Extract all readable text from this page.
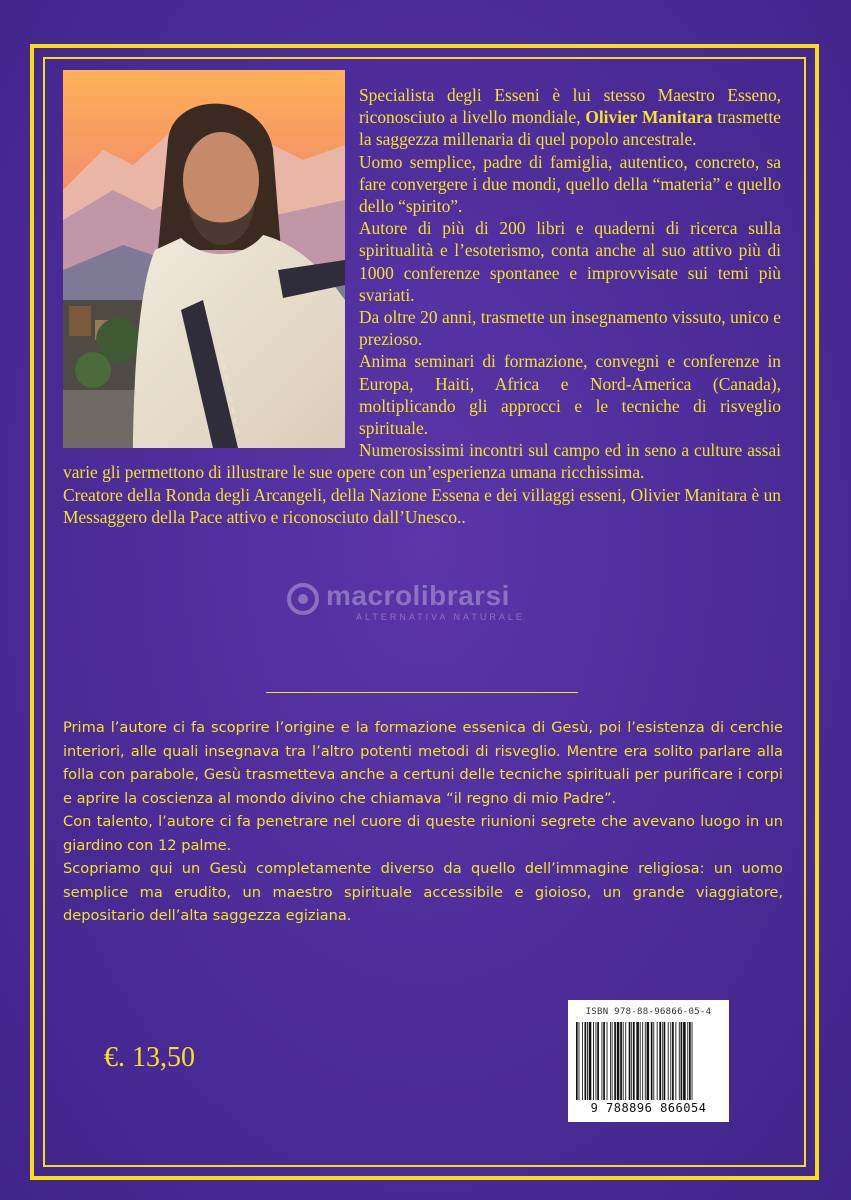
Specialista degli Esseni è lui stesso Maestro Esseno, riconosciuto a livello mondiale, Olivier Manitara trasmette la saggezza millenaria di quel popolo ancestrale.

Uomo semplice, padre di famiglia, autentico, concreto, sa fare convergere i due mondi, quello della “materia” e quello dello “spirito”.

Autore di più di 200 libri e quaderni di ricerca sulla spiritualità e l’esoterismo, conta anche al suo attivo più di 1000 conferenze spontanee e improvvisate sui temi più svariati.

Da oltre 20 anni, trasmette un insegnamento vissuto, unico e prezioso.

Anima seminari di formazione, convegni e conferenze in Europa, Haiti, Africa e Nord-America (Canada), moltiplicando gli approcci e le tecniche di risveglio spirituale.

Numerosissimi incontri sul campo ed in seno a culture assai varie gli permettono di illustrare le sue opere con un’esperienza umana ricchissima.

Creatore della Ronda degli Arcangeli, della Nazione Essena e dei villaggi esseni, Olivier Manitara è un Messaggero della Pace attivo e riconosciuto dall’Unesco..

macrolibrarsi
ALTERNATIVA NATURALE

Prima l’autore ci fa scoprire l’origine e la formazione essenica di Gesù, poi l’esistenza di cerchie interiori, alle quali insegnava tra l’altro potenti metodi di risveglio. Mentre era solito parlare alla folla con parabole, Gesù trasmetteva anche a certuni delle tecniche spirituali per purificare i corpi e aprire la coscienza al mondo divino che chiamava “il regno di mio Padre”.

Con talento, l’autore ci fa penetrare nel cuore di queste riunioni segrete che avevano luogo in un giardino con 12 palme.

Scopriamo qui un Gesù completamente diverso da quello dell’immagine religiosa: un uomo semplice ma erudito, un maestro spirituale accessibile e gioioso, un grande viaggiatore, depositario dell’alta saggezza egiziana.

€. 13,50
ISBN 978-88-96866-05-4
9 788896 866054
